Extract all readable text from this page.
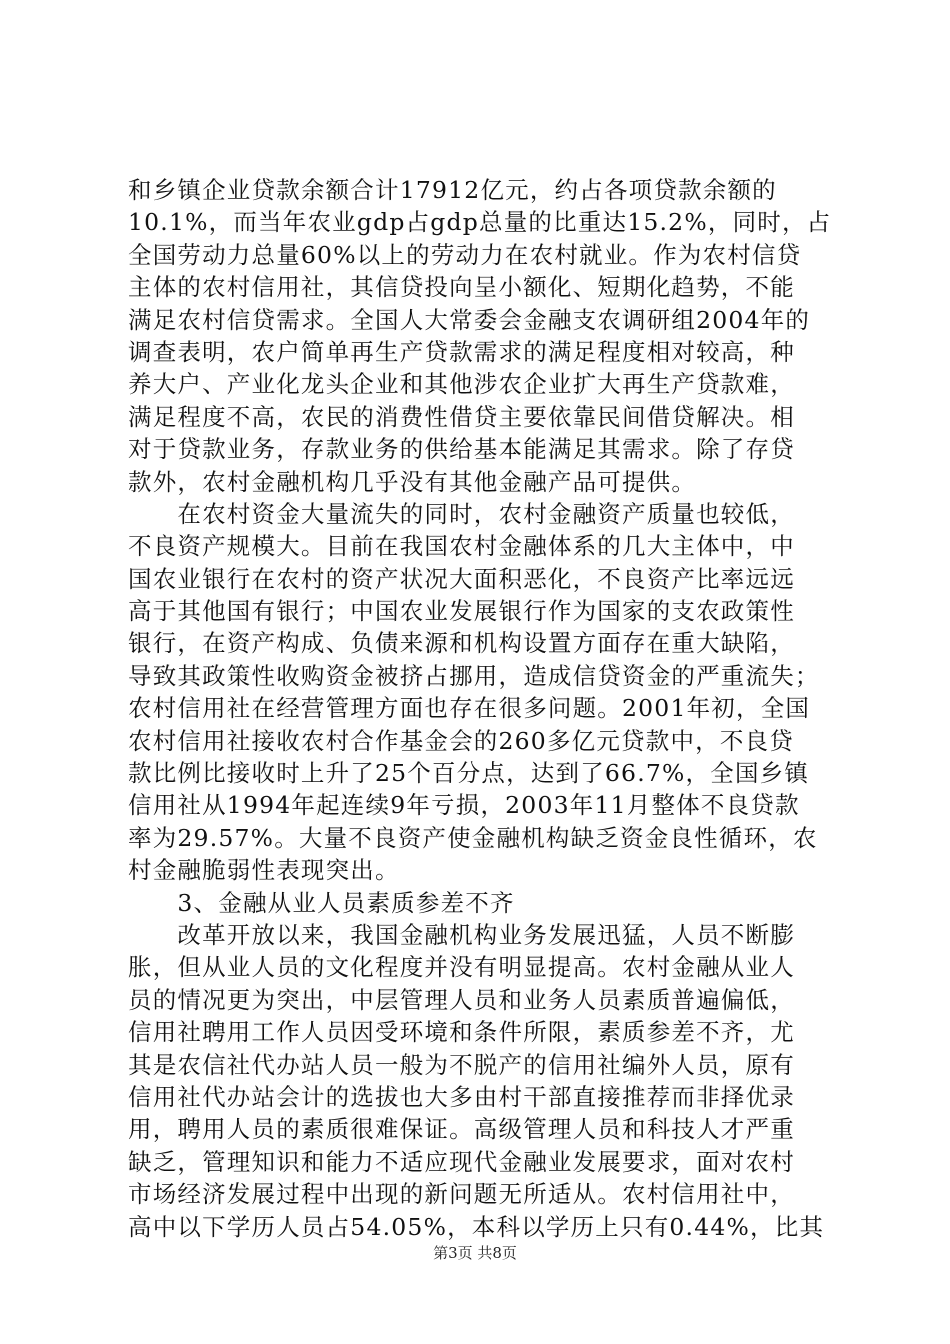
和乡镇企业贷款余额合计17912亿元，约占各项贷款余额的
10.1%，而当年农业gdp占gdp总量的比重达15.2%，同时，占
全国劳动力总量60%以上的劳动力在农村就业。作为农村信贷
主体的农村信用社，其信贷投向呈小额化、短期化趋势，不能
满足农村信贷需求。全国人大常委会金融支农调研组2004年的
调查表明，农户简单再生产贷款需求的满足程度相对较高，种
养大户、产业化龙头企业和其他涉农企业扩大再生产贷款难，
满足程度不高，农民的消费性借贷主要依靠民间借贷解决。相
对于贷款业务，存款业务的供给基本能满足其需求。除了存贷
款外，农村金融机构几乎没有其他金融产品可提供。
　　在农村资金大量流失的同时，农村金融资产质量也较低，
不良资产规模大。目前在我国农村金融体系的几大主体中，中
国农业银行在农村的资产状况大面积恶化，不良资产比率远远
高于其他国有银行；中国农业发展银行作为国家的支农政策性
银行，在资产构成、负债来源和机构设置方面存在重大缺陷，
导致其政策性收购资金被挤占挪用，造成信贷资金的严重流失；
农村信用社在经营管理方面也存在很多问题。2001年初，全国
农村信用社接收农村合作基金会的260多亿元贷款中，不良贷
款比例比接收时上升了25个百分点，达到了66.7%，全国乡镇
信用社从1994年起连续9年亏损，2003年11月整体不良贷款
率为29.57%。大量不良资产使金融机构缺乏资金良性循环，农
村金融脆弱性表现突出。
　　3、金融从业人员素质参差不齐
　　改革开放以来，我国金融机构业务发展迅猛，人员不断膨
胀，但从业人员的文化程度并没有明显提高。农村金融从业人
员的情况更为突出，中层管理人员和业务人员素质普遍偏低，
信用社聘用工作人员因受环境和条件所限，素质参差不齐，尤
其是农信社代办站人员一般为不脱产的信用社编外人员，原有
信用社代办站会计的选拔也大多由村干部直接推荐而非择优录
用，聘用人员的素质很难保证。高级管理人员和科技人才严重
缺乏，管理知识和能力不适应现代金融业发展要求，面对农村
市场经济发展过程中出现的新问题无所适从。农村信用社中，
高中以下学历人员占54.05%，本科以学历上只有0.44%，比其
第3页 共8页
